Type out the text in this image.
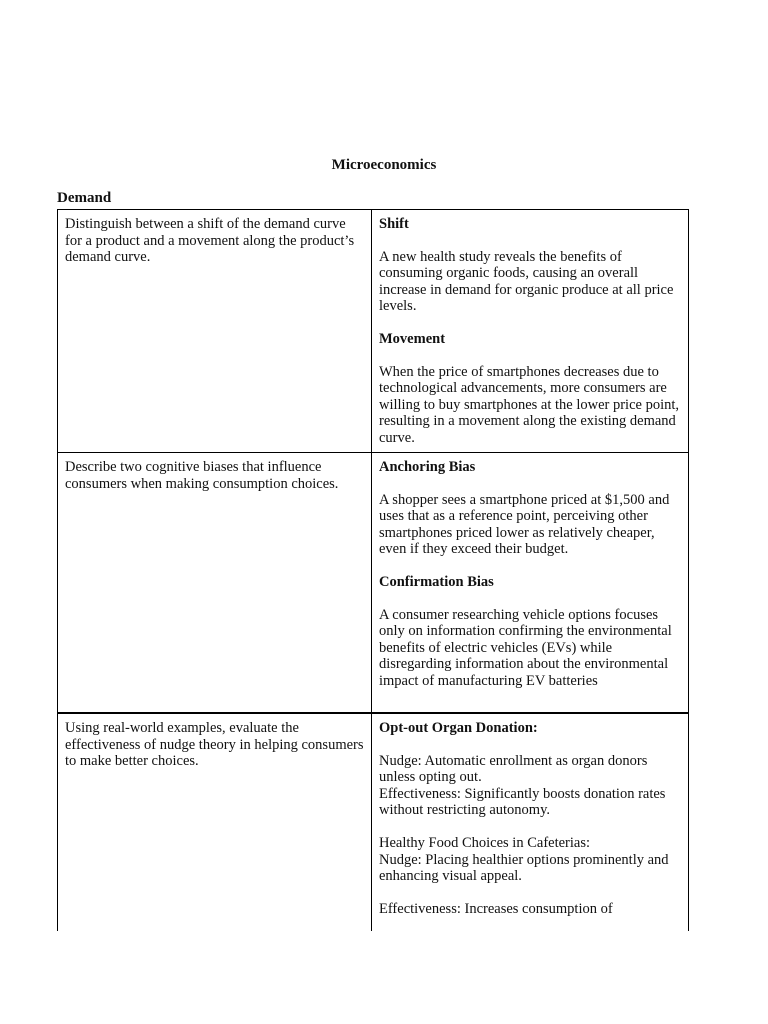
Microeconomics
Demand

Distinguish between a shift of the demand curve for a product and a movement along the product’s demand curve.

Shift

A new health study reveals the benefits of consuming organic foods, causing an overall increase in demand for organic produce at all price levels.

Movement

When the price of smartphones decreases due to technological advancements, more consumers are willing to buy smartphones at the lower price point, resulting in a movement along the existing demand curve.

Describe two cognitive biases that influence consumers when making consumption choices.

Anchoring Bias

A shopper sees a smartphone priced at $1,500 and uses that as a reference point, perceiving other smartphones priced lower as relatively cheaper, even if they exceed their budget.

Confirmation Bias

A consumer researching vehicle options focuses only on information confirming the environmental benefits of electric vehicles (EVs) while disregarding information about the environmental impact of manufacturing EV batteries

Using real-world examples, evaluate the effectiveness of nudge theory in helping consumers to make better choices.

Opt-out Organ Donation:

Nudge: Automatic enrollment as organ donors unless opting out.

Effectiveness: Significantly boosts donation rates without restricting autonomy.

Healthy Food Choices in Cafeterias:

Nudge: Placing healthier options prominently and enhancing visual appeal.

Effectiveness: Increases consumption of
